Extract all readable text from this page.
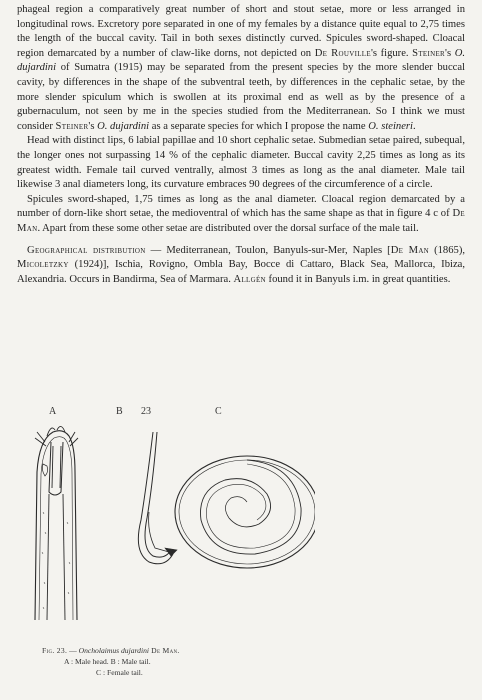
phageal region a comparatively great number of short and stout setae, more or less arranged in longitudinal rows. Excretory pore separated in one of my females by a distance quite equal to 2,75 times the length of the buccal cavity. Tail in both sexes distinctly curved. Spicules sword-shaped. Cloacal region demarcated by a number of claw-like dorns, not depicted on De Rouville's figure. Steiner's O. dujardini of Sumatra (1915) may be separated from the present species by the more slender buccal cavity, by differences in the shape of the subventral teeth, by differences in the cephalic setae, by the more slender spiculum which is swollen at its proximal end as well as by the presence of a gubernaculum, not seen by me in the species studied from the Mediterranean. So I think we must consider Steiner's O. dujardini as a separate species for which I propose the name O. steineri.

Head with distinct lips, 6 labial papillae and 10 short cephalic setae. Submedian setae paired, subequal, the longer ones not surpassing 14 % of the cephalic diameter. Buccal cavity 2,25 times as long as its greatest width. Female tail curved ventrally, almost 3 times as long as the anal diameter. Male tail likewise 3 anal diameters long, its curvature embraces 90 degrees of the circumference of a circle.

Spicules sword-shaped, 1,75 times as long as the anal diameter. Cloacal region demarcated by a number of dorn-like short setae, the medioventral of which has the same shape as that in figure 4 c of De Man. Apart from these some other setae are distributed over the dorsal surface of the male tail.

Geographical distribution — Mediterranean, Toulon, Banyuls-sur-Mer, Naples [De Man (1865), Micoletzky (1924)], Ischia, Rovigno, Ombla Bay, Bocce di Cattaro, Black Sea, Mallorca, Ibiza, Alexandria. Occurs in Bandirma, Sea of Marmara. Allgén found it in Banyuls i.m. in great quantities.

A	B 23	C
Fig. 23. — Oncholaimus dujardini De Man.
A : Male head. B : Male tail.
C : Female tail.
